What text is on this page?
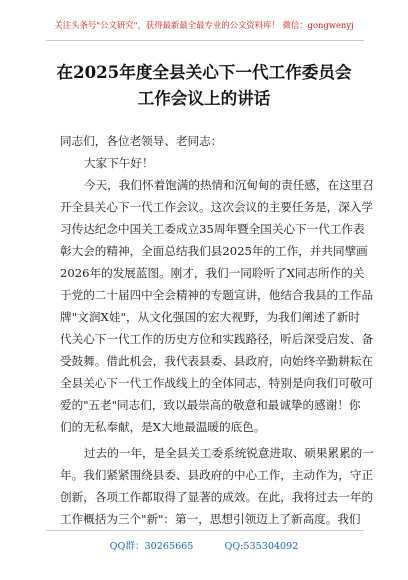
关注头条号"公文研究"，获得最新最全最专业的公文资料库！ 微信：gongwenyj
在2025年度全县关心下一代工作委员会
工作会议上的讲话
同志们，各位老领导、老同志：
大家下午好！
今天，我们怀着饱满的热情和沉甸甸的责任感，在这里召
开全县关心下一代工作会议。这次会议的主要任务是，深入学
习传达纪念中国关工委成立35周年暨全国关心下一代工作表
彰大会的精神，全面总结我们县2025年的工作，并共同擘画
2026年的发展蓝图。刚才，我们一同聆听了X同志所作的关
于党的二十届四中全会精神的专题宣讲，他结合我县的工作品
牌"文润X娃"，从文化强国的宏大视野，为我们阐述了新时
代关心下一代工作的历史方位和实践路径，听后深受启发、备
受鼓舞。借此机会，我代表县委、县政府，向始终辛勤耕耘在
全县关心下一代工作战线上的全体同志，特别是向我们可敬可
爱的"五老"同志们，致以最崇高的敬意和最诚挚的感谢！你
们的无私奉献，是X大地最温暖的底色。
过去的一年，是全县关工委系统锐意进取、硕果累累的一
年。我们紧紧围绕县委、县政府的中心工作，主动作为，守正
创新，各项工作都取得了显著的成效。在此，我将过去一年的
工作概括为三个"新"：第一，思想引领迈上了新高度。我们
QQ群：30265665	QQ:535304092
